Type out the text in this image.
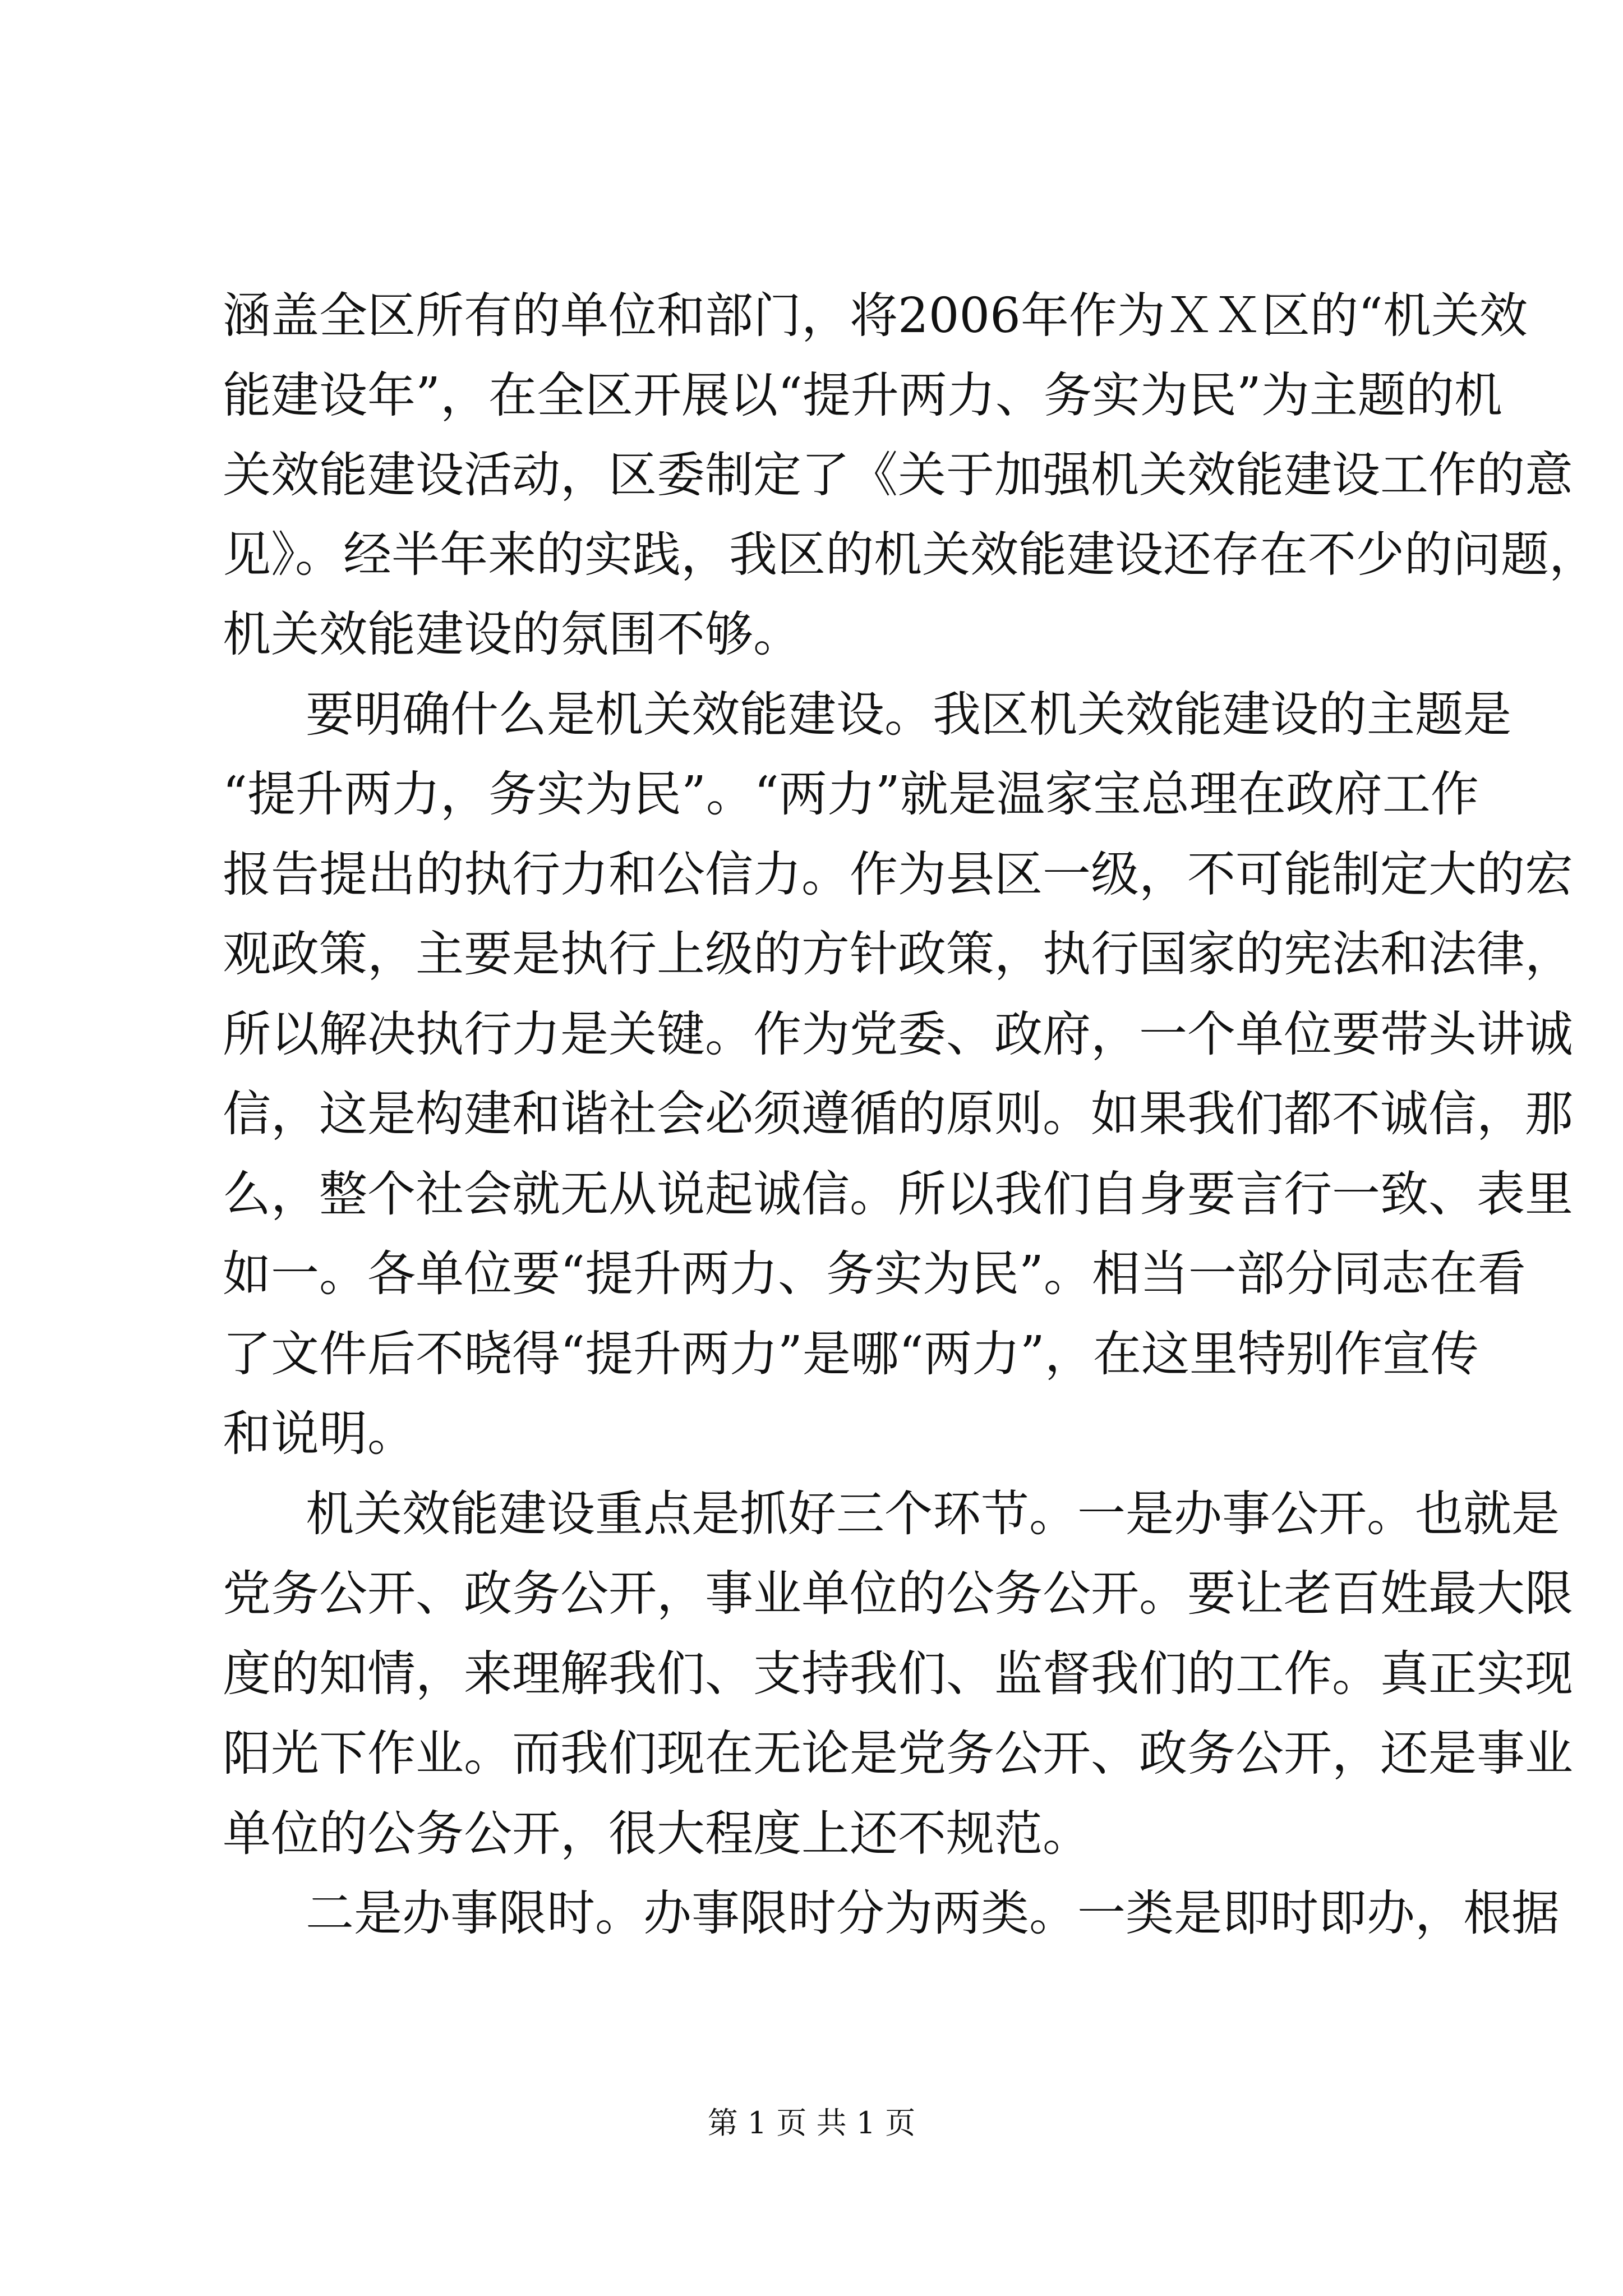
涵盖全区所有的单位和部门，将2006年作为ＸＸ区的“机关效

能建设年”，在全区开展以“提升两力、务实为民”为主题的机

关效能建设活动，区委制定了《关于加强机关效能建设工作的意

见》。经半年来的实践，我区的机关效能建设还存在不少的问题，

机关效能建设的氛围不够。

要明确什么是机关效能建设。我区机关效能建设的主题是

“提升两力，务实为民”。“两力”就是温家宝总理在政府工作

报告提出的执行力和公信力。作为县区一级，不可能制定大的宏

观政策，主要是执行上级的方针政策，执行国家的宪法和法律，

所以解决执行力是关键。作为党委、政府，一个单位要带头讲诚

信，这是构建和谐社会必须遵循的原则。如果我们都不诚信，那

么，整个社会就无从说起诚信。所以我们自身要言行一致、表里

如一。各单位要“提升两力、务实为民”。相当一部分同志在看

了文件后不晓得“提升两力”是哪“两力”，在这里特别作宣传

和说明。

机关效能建设重点是抓好三个环节。一是办事公开。也就是

党务公开、政务公开，事业单位的公务公开。要让老百姓最大限

度的知情，来理解我们、支持我们、监督我们的工作。真正实现

阳光下作业。而我们现在无论是党务公开、政务公开，还是事业

单位的公务公开，很大程度上还不规范。

二是办事限时。办事限时分为两类。一类是即时即办，根据

第 1 页 共 1 页
